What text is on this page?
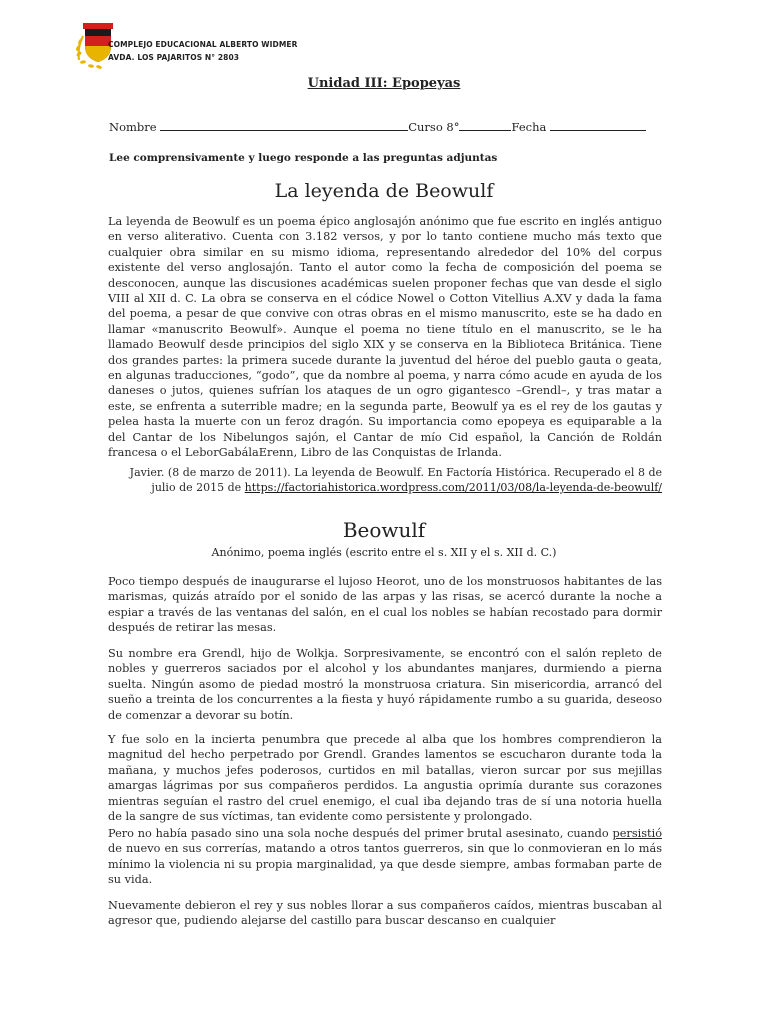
COMPLEJO EDUCACIONAL ALBERTO WIDMER
AVDA. LOS PAJARITOS N° 2803
Unidad III: Epopeyas
Nombre	Curso 8°	Fecha
Lee comprensivamente y luego responde a las preguntas adjuntas
La leyenda de Beowulf
La leyenda de Beowulf es un poema épico anglosajón anónimo que fue escrito en inglés antiguo en verso aliterativo. Cuenta con 3.182 versos, y por lo tanto contiene mucho más texto que cualquier obra similar en su mismo idioma, representando alrededor del 10% del corpus existente del verso anglosajón. Tanto el autor como la fecha de composición del poema se desconocen, aunque las discusiones académicas suelen proponer fechas que van desde el siglo VIII al XII d. C. La obra se conserva en el códice Nowel o Cotton Vitellius A.XV y dada la fama del poema, a pesar de que convive con otras obras en el mismo manuscrito, este se ha dado en llamar «manuscrito Beowulf». Aunque el poema no tiene título en el manuscrito, se le ha llamado Beowulf desde principios del siglo XIX y se conserva en la Biblioteca Británica. Tiene dos grandes partes: la primera sucede durante la juventud del héroe del pueblo gauta o geata, en algunas traducciones, “godo”, que da nombre al poema, y narra cómo acude en ayuda de los daneses o jutos, quienes sufrían los ataques de un ogro gigantesco –Grendl–, y tras matar a este, se enfrenta a suterrible madre; en la segunda parte, Beowulf ya es el rey de los gautas y pelea hasta la muerte con un feroz dragón. Su importancia como epopeya es equiparable a la del Cantar de los Nibelungos sajón, el Cantar de mío Cid español, la Canción de Roldán francesa o el LeborGabálaErenn, Libro de las Conquistas de Irlanda.
Javier. (8 de marzo de 2011). La leyenda de Beowulf. En Factoría Histórica. Recuperado el 8 de julio de 2015 de https://factoriahistorica.wordpress.com/2011/03/08/la-leyenda-de-beowulf/
Beowulf
Anónimo, poema inglés (escrito entre el s. XII y el s. XII d. C.)
Poco tiempo después de inaugurarse el lujoso Heorot, uno de los monstruosos habitantes de las marismas, quizás atraído por el sonido de las arpas y las risas, se acercó durante la noche a espiar a través de las ventanas del salón, en el cual los nobles se habían recostado para dormir después de retirar las mesas.
Su nombre era Grendl, hijo de Wolkja. Sorpresivamente, se encontró con el salón repleto de nobles y guerreros saciados por el alcohol y los abundantes manjares, durmiendo a pierna suelta. Ningún asomo de piedad mostró la monstruosa criatura. Sin misericordia, arrancó del sueño a treinta de los concurrentes a la fiesta y huyó rápidamente rumbo a su guarida, deseoso de comenzar a devorar su botín.
Y fue solo en la incierta penumbra que precede al alba que los hombres comprendieron la magnitud del hecho perpetrado por Grendl. Grandes lamentos se escucharon durante toda la mañana, y muchos jefes poderosos, curtidos en mil batallas, vieron surcar por sus mejillas amargas lágrimas por sus compañeros perdidos. La angustia oprimía durante sus corazones mientras seguían el rastro del cruel enemigo, el cual iba dejando tras de sí una notoria huella de la sangre de sus víctimas, tan evidente como persistente y prolongado.
Pero no había pasado sino una sola noche después del primer brutal asesinato, cuando persistió de nuevo en sus correrías, matando a otros tantos guerreros, sin que lo conmovieran en lo más mínimo la violencia ni su propia marginalidad, ya que desde siempre, ambas formaban parte de su vida.
Nuevamente debieron el rey y sus nobles llorar a sus compañeros caídos, mientras buscaban al agresor que, pudiendo alejarse del castillo para buscar descanso en cualquier
